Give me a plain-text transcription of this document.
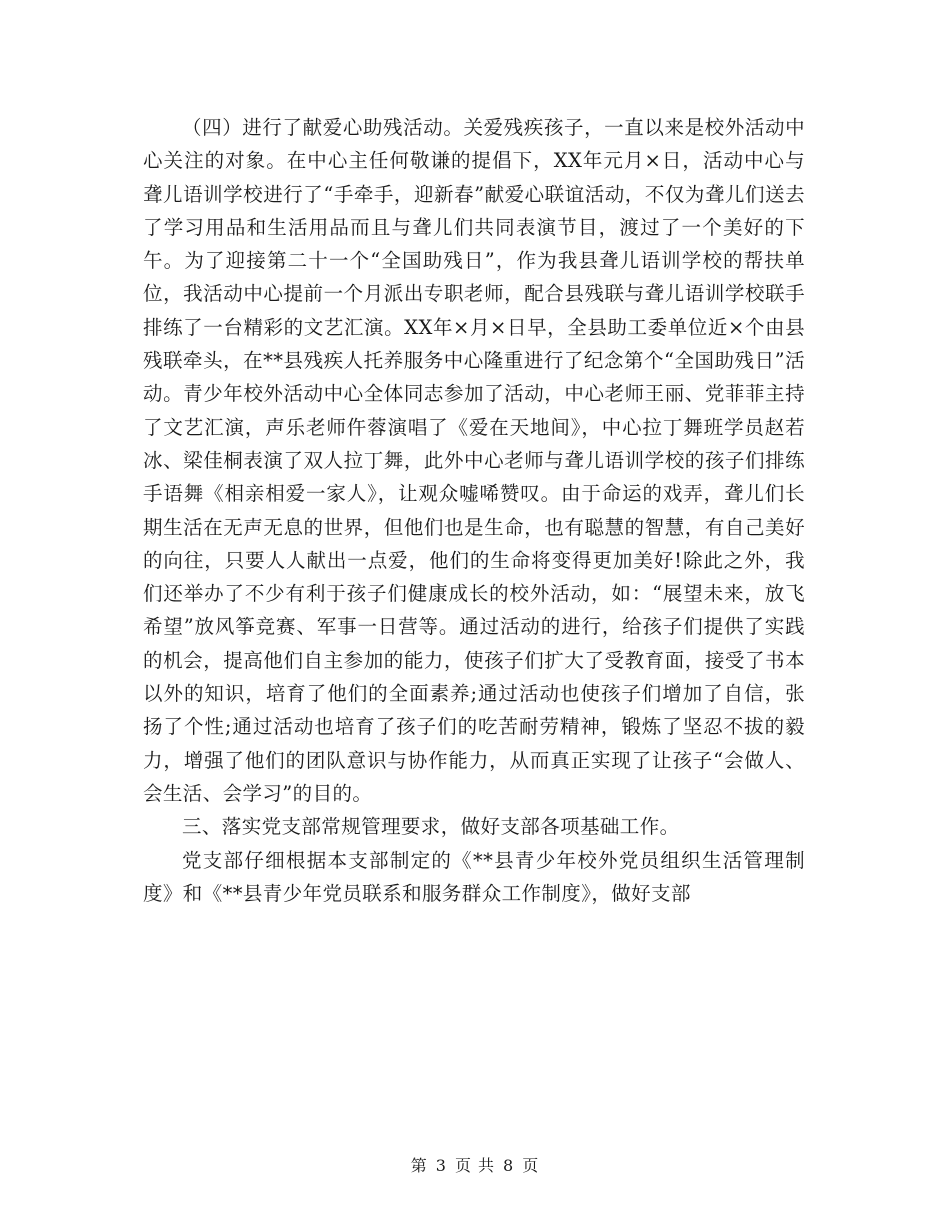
（四）进行了献爱心助残活动。关爱残疾孩子，一直以来是校外活动中心关注的对象。在中心主任何敬谦的提倡下，XX年元月×日，活动中心与聋儿语训学校进行了“手牵手，迎新春”献爱心联谊活动，不仅为聋儿们送去了学习用品和生活用品而且与聋儿们共同表演节目，渡过了一个美好的下午。为了迎接第二十一个“全国助残日”，作为我县聋儿语训学校的帮扶单位，我活动中心提前一个月派出专职老师，配合县残联与聋儿语训学校联手排练了一台精彩的文艺汇演。XX年×月×日早，全县助工委单位近×个由县残联牵头，在**县残疾人托养服务中心隆重进行了纪念第个“全国助残日”活动。青少年校外活动中心全体同志参加了活动，中心老师王丽、党菲菲主持了文艺汇演，声乐老师仵蓉演唱了《爱在天地间》，中心拉丁舞班学员赵若冰、梁佳桐表演了双人拉丁舞，此外中心老师与聋儿语训学校的孩子们排练手语舞《相亲相爱一家人》，让观众嘘唏赞叹。由于命运的戏弄，聋儿们长期生活在无声无息的世界，但他们也是生命，也有聪慧的智慧，有自己美好的向往，只要人人献出一点爱，他们的生命将变得更加美好!除此之外，我们还举办了不少有利于孩子们健康成长的校外活动，如：“展望未来，放飞希望”放风筝竞赛、军事一日营等。通过活动的进行，给孩子们提供了实践的机会，提高他们自主参加的能力，使孩子们扩大了受教育面，接受了书本以外的知识，培育了他们的全面素养;通过活动也使孩子们增加了自信，张扬了个性;通过活动也培育了孩子们的吃苦耐劳精神，锻炼了坚忍不拔的毅力，增强了他们的团队意识与协作能力，从而真正实现了让孩子“会做人、会生活、会学习”的目的。

三、落实党支部常规管理要求，做好支部各项基础工作。

党支部仔细根据本支部制定的《**县青少年校外党员组织生活管理制度》和《**县青少年党员联系和服务群众工作制度》，做好支部

第 3 页 共 8 页
